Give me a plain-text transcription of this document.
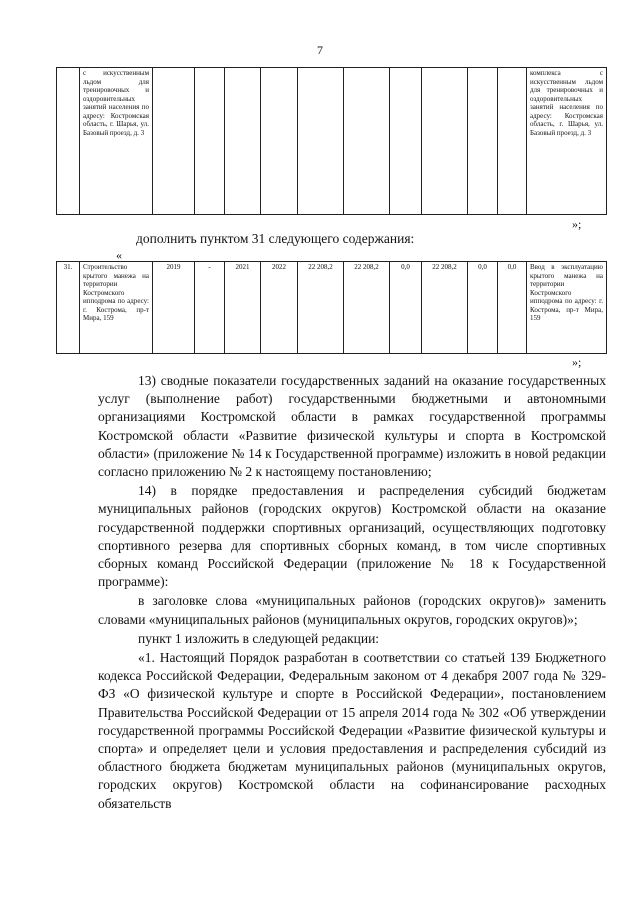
7
	с искусственным льдом для тренировочных и оздоровительных занятий населения по адресу: Костромская область, г. Шарья, ул. Базовый проезд, д. 3											комплекса с искусственным льдом для тренировочных и оздоровительных занятий населения по адресу: Костромская область, г. Шарья, ул. Базовый проезд, д. 3
»;
дополнить пунктом 31 следующего содержания:
«
31.	Строительство крытого манежа на территории Костромского ипподрома по адресу: г. Кострома, пр-т Мира, 159	2019	-	2021	2022	22 208,2	22 208,2	0,0	22 208,2	0,0	0,0	Ввод в эксплуатацию крытого манежа на территории Костромского ипподрома по адресу: г. Кострома, пр-т Мира, 159
»;

13) сводные показатели государственных заданий на оказание государственных услуг (выполнение работ) государственными бюджетными и автономными организациями Костромской области в рамках государственной программы Костромской области «Развитие физической культуры и спорта в Костромской области» (приложение № 14 к Государственной программе) изложить в новой редакции согласно приложению № 2 к настоящему постановлению;

14) в порядке предоставления и распределения субсидий бюджетам муниципальных районов (городских округов) Костромской области на оказание государственной поддержки спортивных организаций, осуществляющих подготовку спортивного резерва для спортивных сборных команд, в том числе спортивных сборных команд Российской Федерации (приложение № 18 к Государственной программе):

в заголовке слова «муниципальных районов (городских округов)» заменить словами «муниципальных районов (муниципальных округов, городских округов)»;

пункт 1 изложить в следующей редакции:

«1. Настоящий Порядок разработан в соответствии со статьей 139 Бюджетного кодекса Российской Федерации, Федеральным законом от 4 декабря 2007 года № 329-ФЗ «О физической культуре и спорте в Российской Федерации», постановлением Правительства Российской Федерации от 15 апреля 2014 года № 302 «Об утверждении государственной программы Российской Федерации «Развитие физической культуры и спорта» и определяет цели и условия предоставления и распределения субсидий из областного бюджета бюджетам муниципальных районов (муниципальных округов, городских округов) Костромской области на софинансирование расходных обязательств
